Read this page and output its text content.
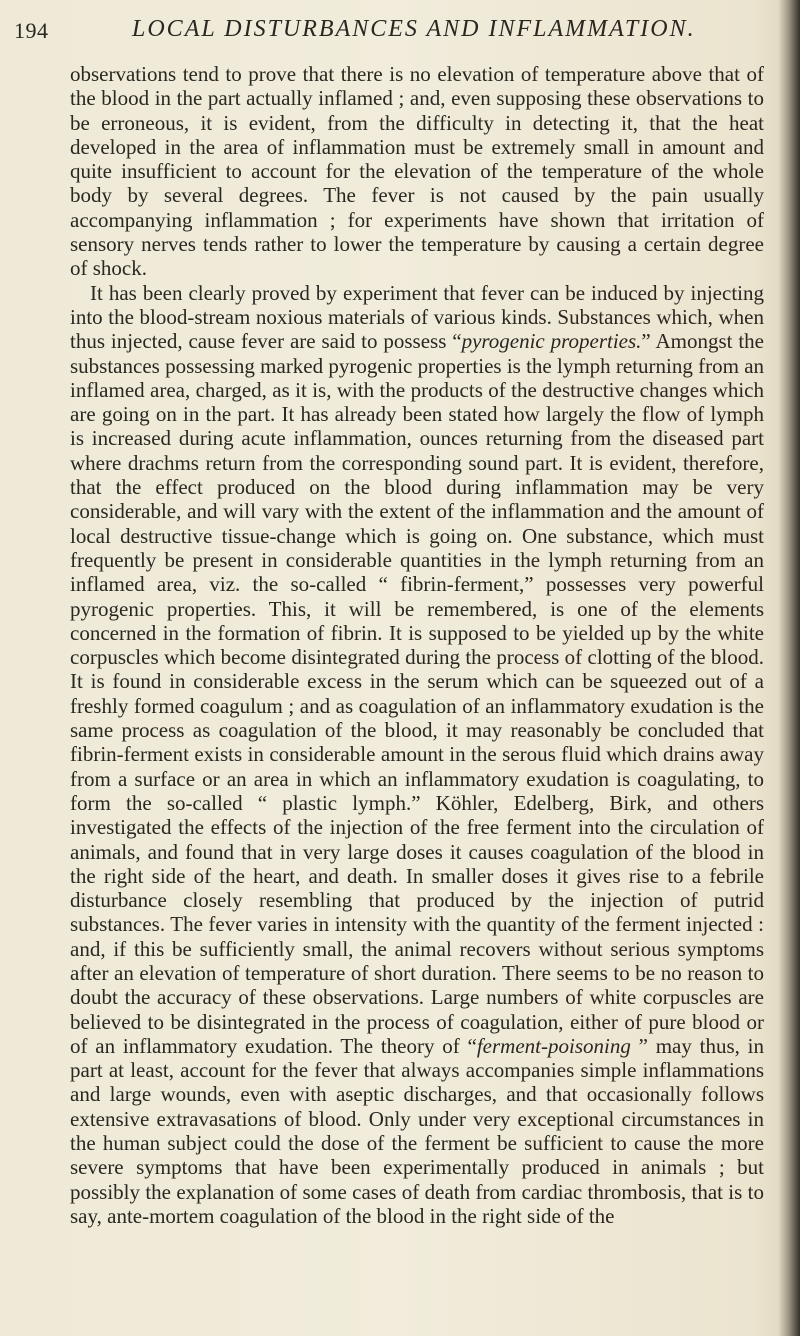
194	LOCAL DISTURBANCES AND INFLAMMATION.

observations tend to prove that there is no elevation of temperature above that of the blood in the part actually inflamed ; and, even supposing these observations to be erroneous, it is evident, from the difficulty in detecting it, that the heat developed in the area of inflammation must be extremely small in amount and quite insufficient to account for the elevation of the temperature of the whole body by several degrees. The fever is not caused by the pain usually accompanying inflammation ; for experiments have shown that irritation of sensory nerves tends rather to lower the temperature by causing a certain degree of shock.

It has been clearly proved by experiment that fever can be induced by injecting into the blood-stream noxious materials of various kinds. Substances which, when thus injected, cause fever are said to possess “pyrogenic properties.” Amongst the substances possessing marked pyrogenic properties is the lymph returning from an inflamed area, charged, as it is, with the products of the destructive changes which are going on in the part. It has already been stated how largely the flow of lymph is increased during acute inflammation, ounces returning from the diseased part where drachms return from the corresponding sound part. It is evident, therefore, that the effect produced on the blood during inflammation may be very considerable, and will vary with the extent of the inflammation and the amount of local destructive tissue-change which is going on. One substance, which must frequently be present in considerable quantities in the lymph returning from an inflamed area, viz. the so-called “ fibrin-ferment,” possesses very powerful pyrogenic properties. This, it will be remembered, is one of the elements concerned in the formation of fibrin. It is supposed to be yielded up by the white corpuscles which become disintegrated during the process of clotting of the blood. It is found in considerable excess in the serum which can be squeezed out of a freshly formed coagulum ; and as coagulation of an inflammatory exudation is the same process as coagulation of the blood, it may reasonably be concluded that fibrin-ferment exists in considerable amount in the serous fluid which drains away from a surface or an area in which an inflammatory exudation is coagulating, to form the so-called “ plastic lymph.” Köhler, Edelberg, Birk, and others investigated the effects of the injection of the free ferment into the circulation of animals, and found that in very large doses it causes coagulation of the blood in the right side of the heart, and death. In smaller doses it gives rise to a febrile disturbance closely resembling that produced by the injection of putrid substances. The fever varies in intensity with the quantity of the ferment injected : and, if this be sufficiently small, the animal recovers without serious symptoms after an elevation of temperature of short duration. There seems to be no reason to doubt the accuracy of these observations. Large numbers of white corpuscles are believed to be disintegrated in the process of coagulation, either of pure blood or of an inflammatory exudation. The theory of “ferment-poisoning ” may thus, in part at least, account for the fever that always accompanies simple inflammations and large wounds, even with aseptic discharges, and that occasionally follows extensive extravasations of blood. Only under very exceptional circumstances in the human subject could the dose of the ferment be sufficient to cause the more severe symptoms that have been experimentally produced in animals ; but possibly the explanation of some cases of death from cardiac thrombosis, that is to say, ante-mortem coagulation of the blood in the right side of the
